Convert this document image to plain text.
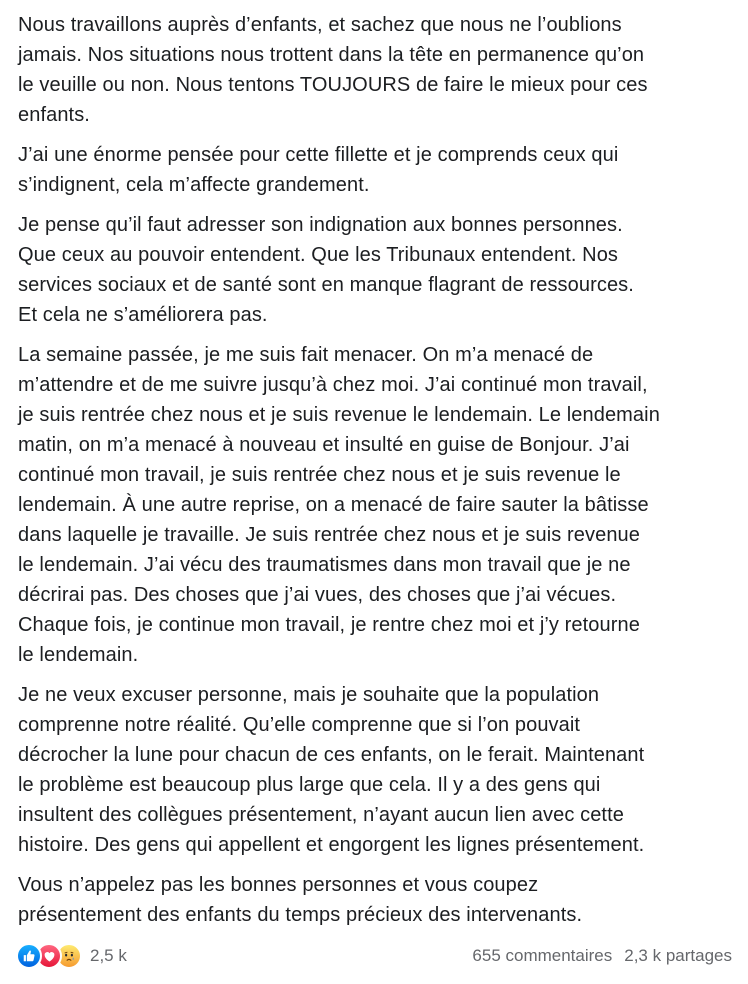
Nous travaillons auprès d’enfants, et sachez que nous ne l’oublions
jamais. Nos situations nous trottent dans la tête en permanence qu’on
le veuille ou non. Nous tentons TOUJOURS de faire le mieux pour ces
enfants.

J’ai une énorme pensée pour cette fillette et je comprends ceux qui
s’indignent, cela m’affecte grandement.

Je pense qu’il faut adresser son indignation aux bonnes personnes.
Que ceux au pouvoir entendent. Que les Tribunaux entendent. Nos
services sociaux et de santé sont en manque flagrant de ressources.
Et cela ne s’améliorera pas.

La semaine passée, je me suis fait menacer. On m’a menacé de
m’attendre et de me suivre jusqu’à chez moi. J’ai continué mon travail,
je suis rentrée chez nous et je suis revenue le lendemain. Le lendemain
matin, on m’a menacé à nouveau et insulté en guise de Bonjour. J’ai
continué mon travail, je suis rentrée chez nous et je suis revenue le
lendemain. À une autre reprise, on a menacé de faire sauter la bâtisse
dans laquelle je travaille. Je suis rentrée chez nous et je suis revenue
le lendemain. J’ai vécu des traumatismes dans mon travail que je ne
décrirai pas. Des choses que j’ai vues, des choses que j’ai vécues.
Chaque fois, je continue mon travail, je rentre chez moi et j’y retourne
le lendemain.

Je ne veux excuser personne, mais je souhaite que la population
comprenne notre réalité. Qu’elle comprenne que si l’on pouvait
décrocher la lune pour chacun de ces enfants, on le ferait. Maintenant
le problème est beaucoup plus large que cela. Il y a des gens qui
insultent des collègues présentement, n’ayant aucun lien avec cette
histoire. Des gens qui appellent et engorgent les lignes présentement.

Vous n’appelez pas les bonnes personnes et vous coupez
présentement des enfants du temps précieux des intervenants.

2,5 k	655 commentaires 2,3 k partages
